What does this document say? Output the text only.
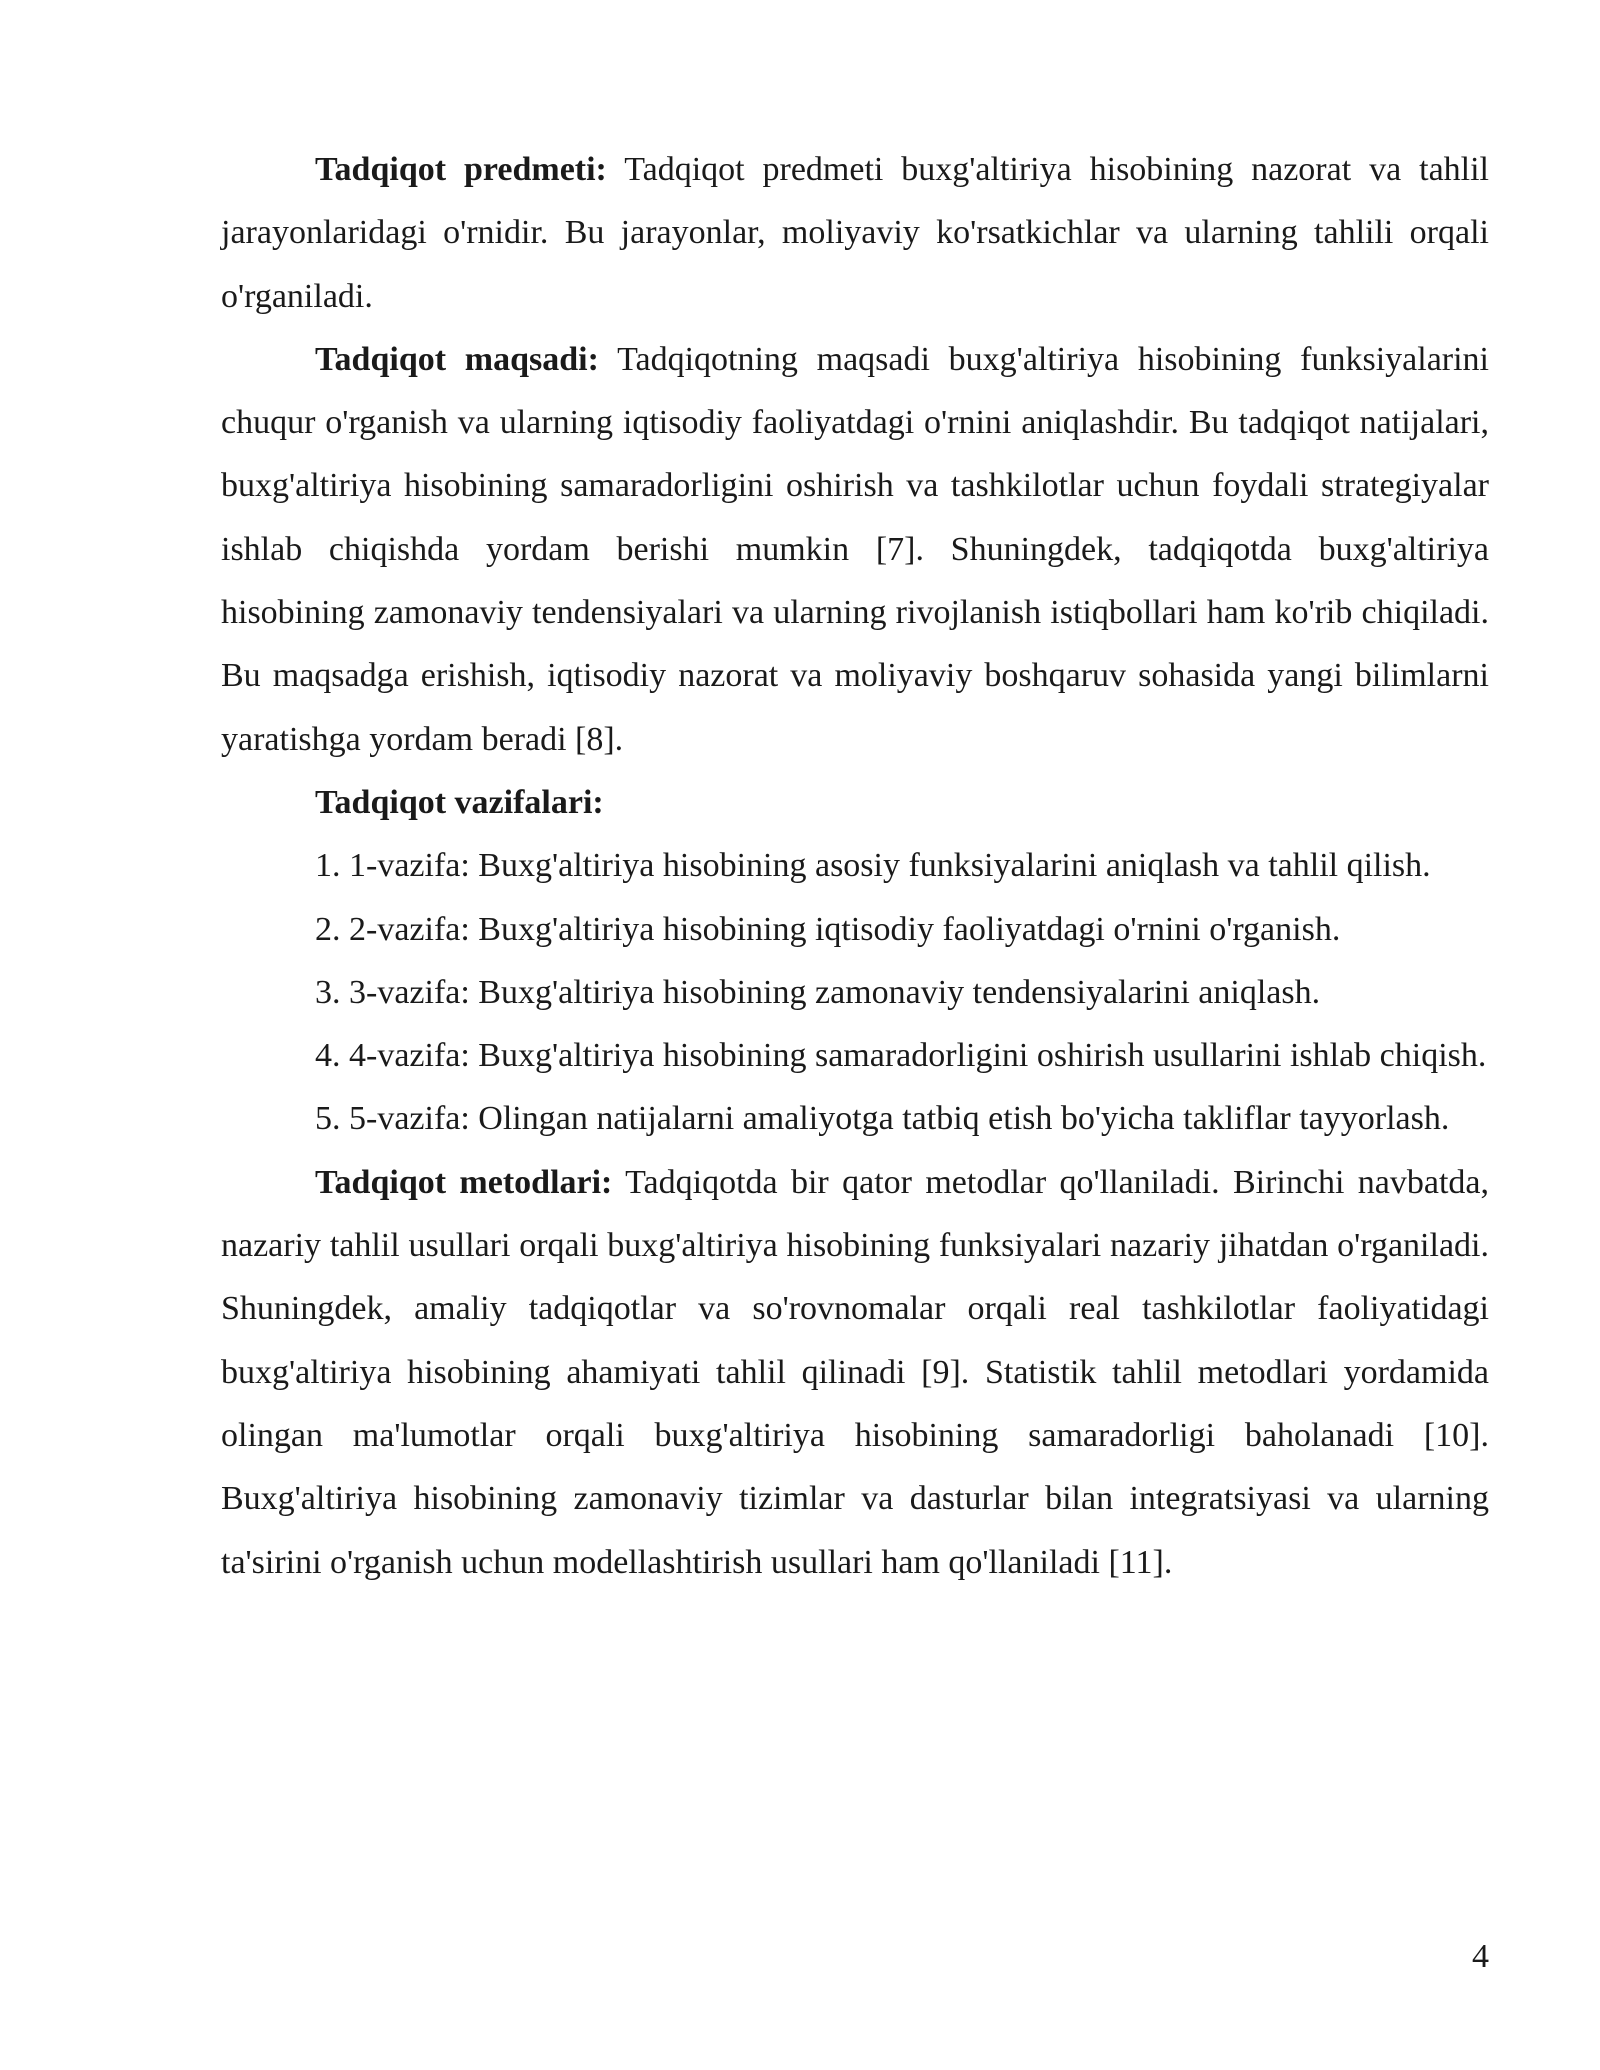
Tadqiqot predmeti: Tadqiqot predmeti buxg'altiriya hisobining nazorat va tahlil jarayonlaridagi o'rnidir. Bu jarayonlar, moliyaviy ko'rsatkichlar va ularning tahlili orqali o'rganiladi.

Tadqiqot maqsadi: Tadqiqotning maqsadi buxg'altiriya hisobining funksiyalarini chuqur o'rganish va ularning iqtisodiy faoliyatdagi o'rnini aniqlashdir. Bu tadqiqot natijalari, buxg'altiriya hisobining samaradorligini oshirish va tashkilotlar uchun foydali strategiyalar ishlab chiqishda yordam berishi mumkin [7]. Shuningdek, tadqiqotda buxg'altiriya hisobining zamonaviy tendensiyalari va ularning rivojlanish istiqbollari ham ko'rib chiqiladi. Bu maqsadga erishish, iqtisodiy nazorat va moliyaviy boshqaruv sohasida yangi bilimlarni yaratishga yordam beradi [8].

Tadqiqot vazifalari:

1. 1-vazifa: Buxg'altiriya hisobining asosiy funksiyalarini aniqlash va tahlil qilish.
2. 2-vazifa: Buxg'altiriya hisobining iqtisodiy faoliyatdagi o'rnini o'rganish.
3. 3-vazifa: Buxg'altiriya hisobining zamonaviy tendensiyalarini aniqlash.
4. 4-vazifa: Buxg'altiriya hisobining samaradorligini oshirish usullarini ishlab chiqish.
5. 5-vazifa: Olingan natijalarni amaliyotga tatbiq etish bo'yicha takliflar tayyorlash.

Tadqiqot metodlari: Tadqiqotda bir qator metodlar qo'llaniladi. Birinchi navbatda, nazariy tahlil usullari orqali buxg'altiriya hisobining funksiyalari nazariy jihatdan o'rganiladi. Shuningdek, amaliy tadqiqotlar va so'rovnomalar orqali real tashkilotlar faoliyatidagi buxg'altiriya hisobining ahamiyati tahlil qilinadi [9]. Statistik tahlil metodlari yordamida olingan ma'lumotlar orqali buxg'altiriya hisobining samaradorligi baholanadi [10]. Buxg'altiriya hisobining zamonaviy tizimlar va dasturlar bilan integratsiyasi va ularning ta'sirini o'rganish uchun modellashtirish usullari ham qo'llaniladi [11].

4
